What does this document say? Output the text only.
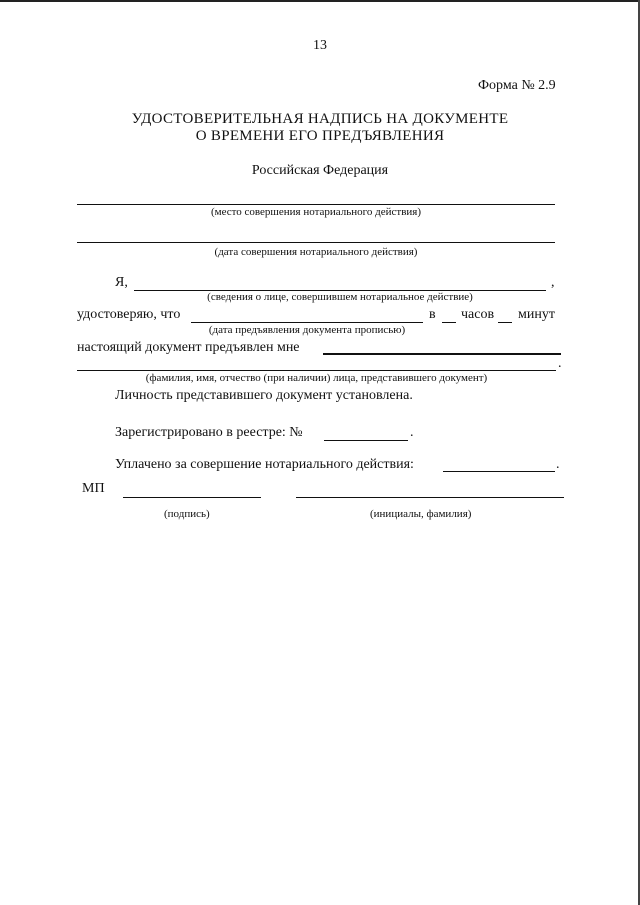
13
Форма № 2.9
УДОСТОВЕРИТЕЛЬНАЯ НАДПИСЬ НА ДОКУМЕНТЕ
О ВРЕМЕНИ ЕГО ПРЕДЪЯВЛЕНИЯ
Российская Федерация
(место совершения нотариального действия)
(дата совершения нотариального действия)
Я,	,
(сведения о лице, совершившем нотариальное действие)
удостоверяю, что	в часов минут
(дата предъявления документа прописью)
настоящий документ предъявлен мне
.
(фамилия, имя, отчество (при наличии) лица, представившего документ)
Личность представившего документ установлена.
Зарегистрировано в реестре: №	.
Уплачено за совершение нотариального действия:	.
МП
(подпись)	(инициалы, фамилия)
